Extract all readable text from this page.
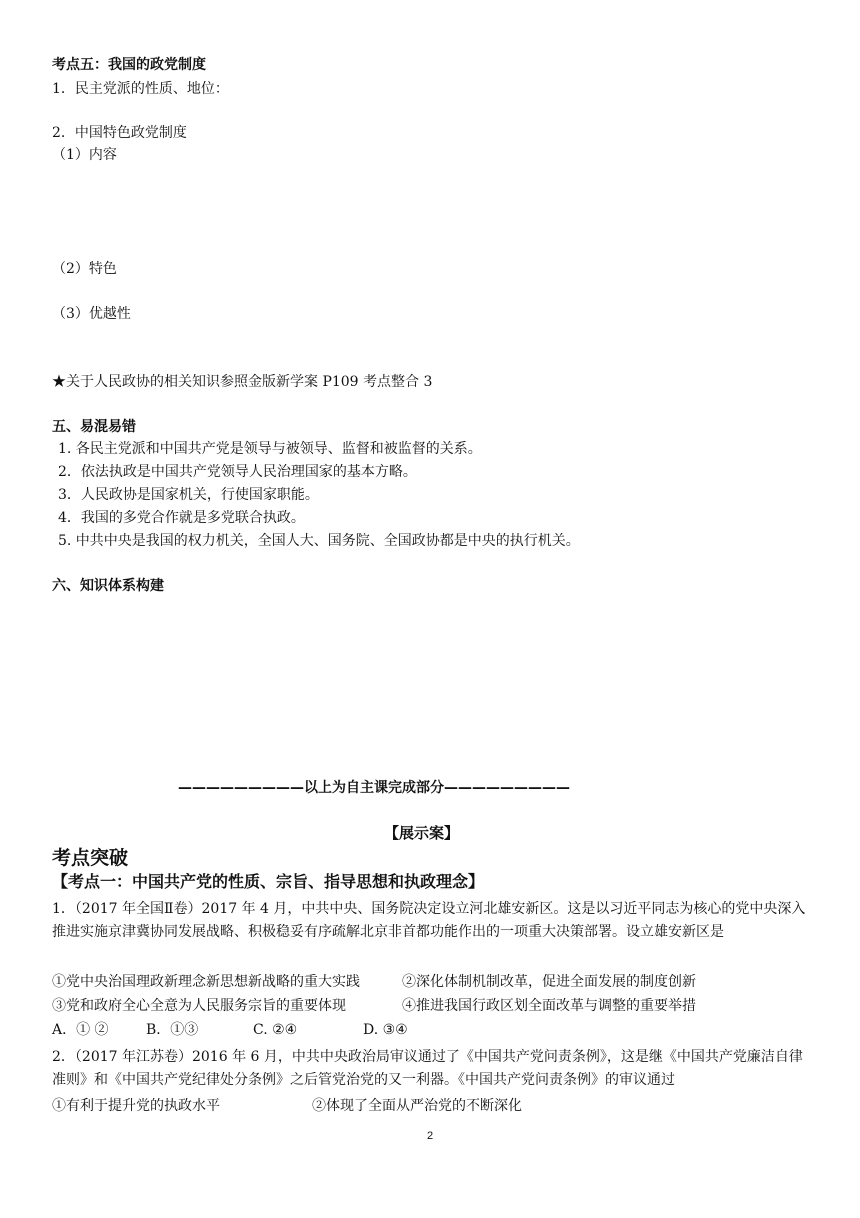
考点五：我国的政党制度
1．民主党派的性质、地位：
2．中国特色政党制度
（1）内容
（2）特色
（3）优越性
★关于人民政协的相关知识参照金版新学案 P109 考点整合 3
五、易混易错
1. 各民主党派和中国共产党是领导与被领导、监督和被监督的关系。
2．依法执政是中国共产党领导人民治理国家的基本方略。
3．人民政协是国家机关，行使国家职能。
4．我国的多党合作就是多党联合执政。
5. 中共中央是我国的权力机关，全国人大、国务院、全国政协都是中央的执行机关。
六、知识体系构建
—————————以上为自主课完成部分—————————
【展示案】
考点突破
【考点一：中国共产党的性质、宗旨、指导思想和执政理念】
1．（2017 年全国Ⅱ卷）2017 年 4 月，中共中央、国务院决定设立河北雄安新区。这是以习近平同志为核心的党中央深入推进实施京津冀协同发展战略、积极稳妥有序疏解北京非首都功能作出的一项重大决策部署。设立雄安新区是
①党中央治国理政新理念新思想新战略的重大实践	②深化体制机制改革，促进全面发展的制度创新
③党和政府全心全意为人民服务宗旨的重要体现	④推进我国行政区划全面改革与调整的重要举措
A．① ②	B．①③	C. ②④	D. ③④
2．（2017 年江苏卷）2016 年 6 月，中共中央政治局审议通过了《中国共产党问责条例》，这是继《中国共产党廉洁自律准则》和《中国共产党纪律处分条例》之后管党治党的又一利器。《中国共产党问责条例》的审议通过
①有利于提升党的执政水平	②体现了全面从严治党的不断深化
2
